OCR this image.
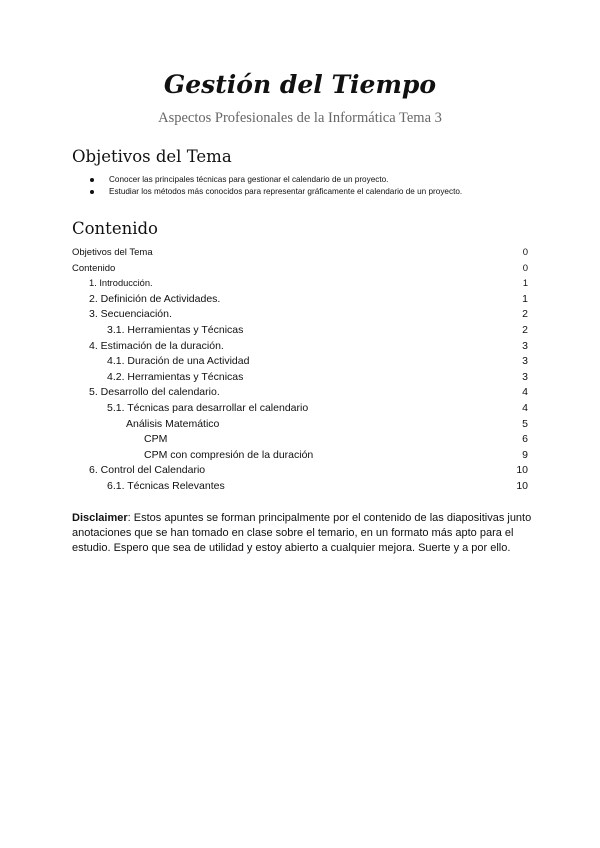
Gestión del Tiempo
Aspectos Profesionales de la Informática Tema 3
Objetivos del Tema
Conocer las principales técnicas para gestionar el calendario de un proyecto.
Estudiar los métodos más conocidos para representar gráficamente el calendario de un proyecto.
Contenido
Objetivos del Tema	0
Contenido	0
1. Introducción.	1
2. Definición de Actividades.	1
3. Secuenciación.	2
3.1. Herramientas y Técnicas	2
4. Estimación de la duración.	3
4.1. Duración de una Actividad	3
4.2. Herramientas y Técnicas	3
5. Desarrollo del calendario.	4
5.1. Técnicas para desarrollar el calendario	4
Análisis Matemático	5
CPM	6
CPM con compresión de la duración	9
6. Control del Calendario	10
6.1. Técnicas Relevantes	10
Disclaimer: Estos apuntes se forman principalmente por el contenido de las diapositivas junto anotaciones que se han tomado en clase sobre el temario, en un formato más apto para el estudio. Espero que sea de utilidad y estoy abierto a cualquier mejora. Suerte y a por ello.
